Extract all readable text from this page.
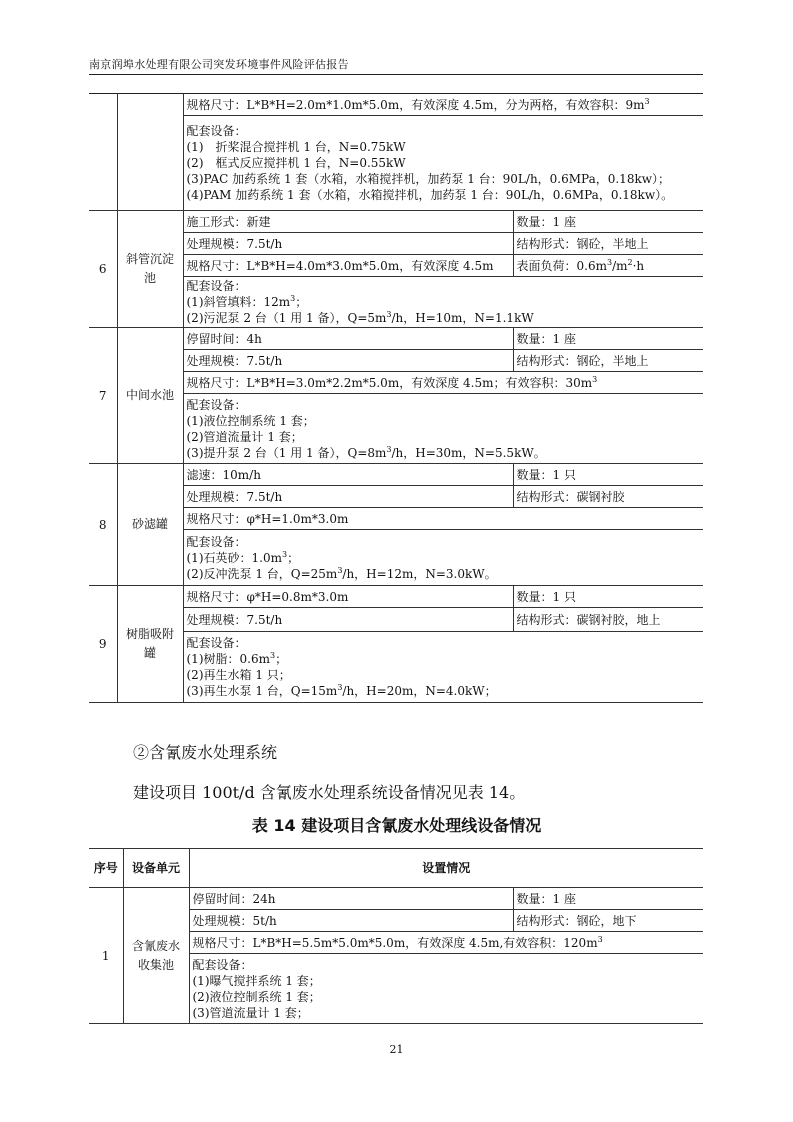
南京润埠水处理有限公司突发环境事件风险评估报告
		规格尺寸：L*B*H=2.0m*1.0m*5.0m，有效深度 4.5m，分为两格，有效容积：$9m^3$

		配套设备：
(1)　折桨混合搅拌机 1 台，N=0.75kW
(2)　框式反应搅拌机 1 台，N=0.55kW
(3)PAC 加药系统 1 套（水箱，水箱搅拌机，加药泵 1 台：90L/h，0.6MPa，0.18kw）；
(4)PAM 加药系统 1 套（水箱，水箱搅拌机，加药泵 1 台：90L/h，0.6MPa，0.18kw）。	

6	斜管沉淀池	施工形式：新建	数量：1 座
		处理规模：7.5t/h	结构形式：钢砼，半地上
		规格尺寸：L*B*H=4.0m*3.0m*5.0m，有效深度 4.5m	表面负荷：$0.6m^3/m^2\cdot h$

		配套设备：
(1)斜管填料：$12m^3$；
(2)污泥泵 2 台（1 用 1 备），$Q=5m^3/h$，H=10m，N=1.1kW	

7	中间水池	停留时间：4h	数量：1 座
		处理规模：7.5t/h	结构形式：钢砼，半地上
		规格尺寸：L*B*H=3.0m*2.2m*5.0m，有效深度 4.5m；有效容积：$30m^3$

		配套设备：
(1)液位控制系统 1 套；
(2)管道流量计 1 套；
(3)提升泵 2 台（1 用 1 备），$Q=8m^3/h$，H=30m，N=5.5kW。	

8	砂滤罐	滤速：10m/h	数量：1 只
		处理规模：7.5t/h	结构形式：碳钢衬胶
		规格尺寸：φ*H=1.0m*3.0m	

		配套设备：
(1)石英砂：$1.0m^3$；
(2)反冲洗泵 1 台，$Q=25m^3/h$，H=12m，N=3.0kW。	

9	树脂吸附罐	规格尺寸：φ*H=0.8m*3.0m	数量：1 只
		处理规模：7.5t/h	结构形式：碳钢衬胶，地上

		配套设备：
(1)树脂：$0.6m^3$；
(2)再生水箱 1 只；
(3)再生水泵 1 台，$Q=15m^3/h$，H=20m，N=4.0kW；	
②含氰废水处理系统
建设项目 100t/d 含氰废水处理系统设备情况见表 14。
表 14 建设项目含氰废水处理线设备情况
序号	设备单元	设置情况	
1	含氰废水收集池	停留时间：24h	数量：1 座
		处理规模：5t/h	结构形式：钢砼，地下
		规格尺寸：L*B*H=5.5m*5.0m*5.0m，有效深度 4.5m,有效容积：$120m^3$

		配套设备：
(1)曝气搅拌系统 1 套；
(2)液位控制系统 1 套；
(3)管道流量计 1 套；	
21
